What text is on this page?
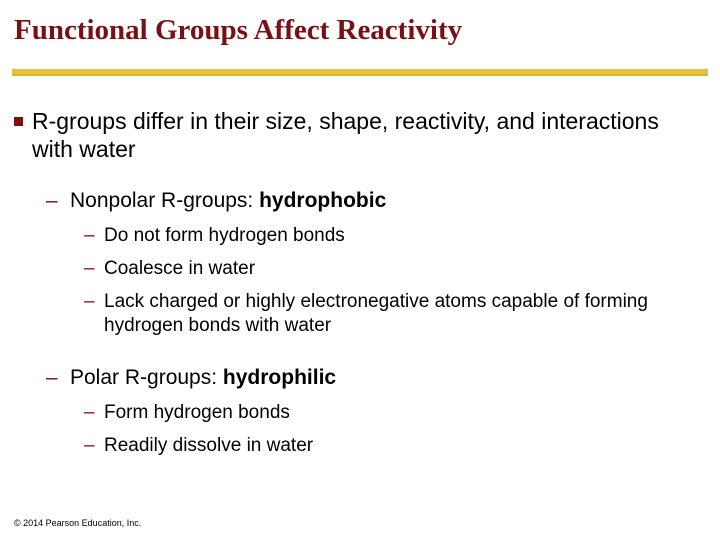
Functional Groups Affect Reactivity
R-groups differ in their size, shape, reactivity, and interactions with water
– Nonpolar R-groups: hydrophobic
– Do not form hydrogen bonds
– Coalesce in water
– Lack charged or highly electronegative atoms capable of forming hydrogen bonds with water
– Polar R-groups: hydrophilic
– Form hydrogen bonds
– Readily dissolve in water
© 2014 Pearson Education, Inc.
